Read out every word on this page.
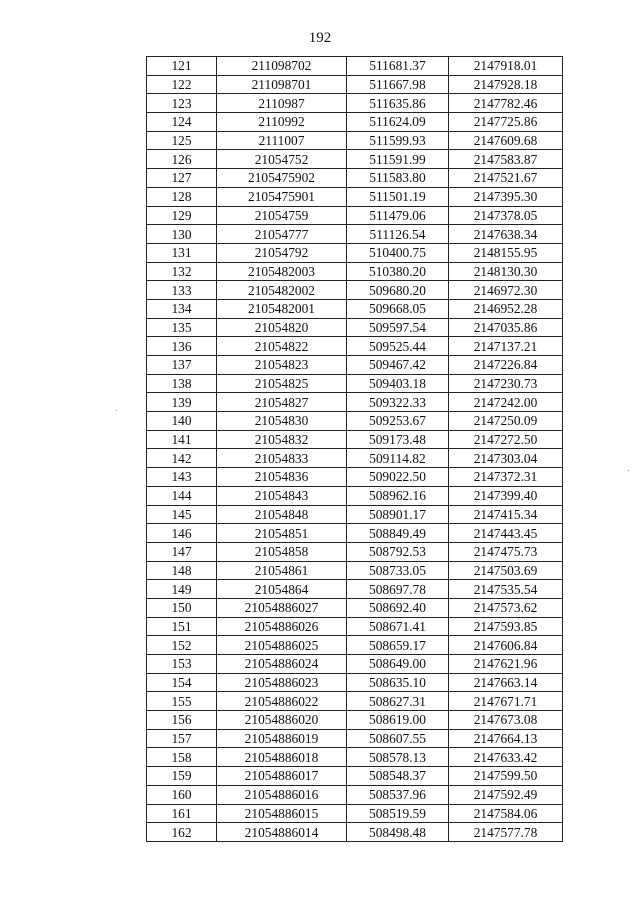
192
121	211098702	511681.37	2147918.01
122	211098701	511667.98	2147928.18
123	2110987	511635.86	2147782.46
124	2110992	511624.09	2147725.86
125	2111007	511599.93	2147609.68
126	21054752	511591.99	2147583.87
127	2105475902	511583.80	2147521.67
128	2105475901	511501.19	2147395.30
129	21054759	511479.06	2147378.05
130	21054777	511126.54	2147638.34
131	21054792	510400.75	2148155.95
132	2105482003	510380.20	2148130.30
133	2105482002	509680.20	2146972.30
134	2105482001	509668.05	2146952.28
135	21054820	509597.54	2147035.86
136	21054822	509525.44	2147137.21
137	21054823	509467.42	2147226.84
138	21054825	509403.18	2147230.73
139	21054827	509322.33	2147242.00
140	21054830	509253.67	2147250.09
141	21054832	509173.48	2147272.50
142	21054833	509114.82	2147303.04
143	21054836	509022.50	2147372.31
144	21054843	508962.16	2147399.40
145	21054848	508901.17	2147415.34
146	21054851	508849.49	2147443.45
147	21054858	508792.53	2147475.73
148	21054861	508733.05	2147503.69
149	21054864	508697.78	2147535.54
150	21054886027	508692.40	2147573.62
151	21054886026	508671.41	2147593.85
152	21054886025	508659.17	2147606.84
153	21054886024	508649.00	2147621.96
154	21054886023	508635.10	2147663.14
155	21054886022	508627.31	2147671.71
156	21054886020	508619.00	2147673.08
157	21054886019	508607.55	2147664.13
158	21054886018	508578.13	2147633.42
159	21054886017	508548.37	2147599.50
160	21054886016	508537.96	2147592.49
161	21054886015	508519.59	2147584.06
162	21054886014	508498.48	2147577.78
